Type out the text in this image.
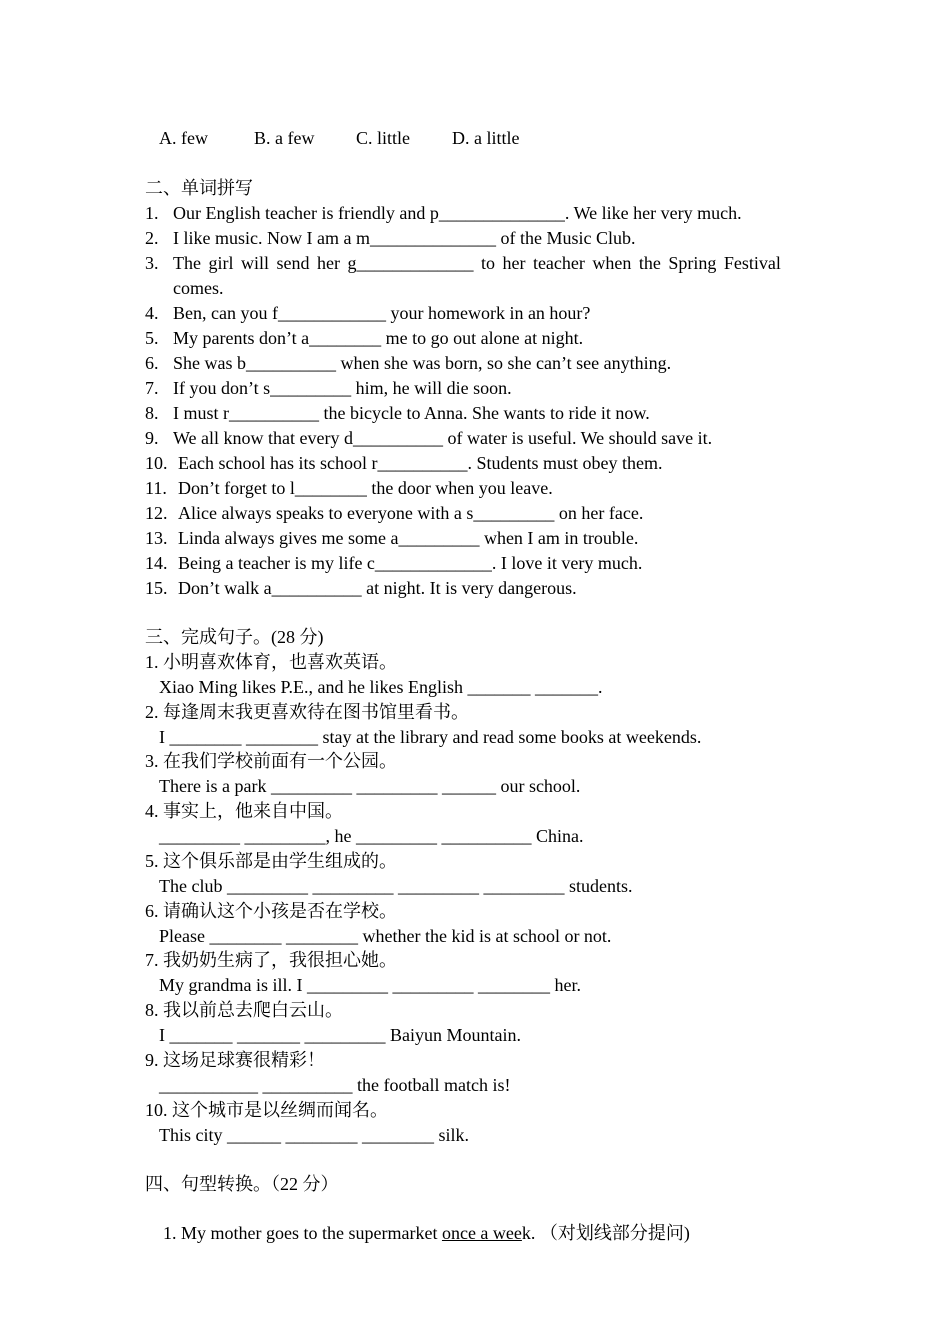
A. few	B. a few C. little D. a little
二、单词拼写
1. Our English teacher is friendly and p______________. We like her very much.
2. I like music. Now I am a m______________ of the Music Club.
3. The girl will send her g_____________ to her teacher when the Spring Festival
comes.
4. Ben, can you f____________ your homework in an hour?
5. My parents don’t a________ me to go out alone at night.
6. She was b__________ when she was born, so she can’t see anything.
7. If you don’t s_________ him, he will die soon.
8. I must r__________ the bicycle to Anna. She wants to ride it now.
9. We all know that every d__________ of water is useful. We should save it.
10. Each school has its school r__________. Students must obey them.
11. Don’t forget to l________ the door when you leave.
12. Alice always speaks to everyone with a s_________ on her face.
13. Linda always gives me some a_________ when I am in trouble.
14. Being a teacher is my life c_____________. I love it very much.
15. Don’t walk a__________ at night. It is very dangerous.
三、完成句子。(28 分)
1. 小明喜欢体育，也喜欢英语。
Xiao Ming likes P.E., and he likes English _______ _______.
2. 每逢周末我更喜欢待在图书馆里看书。
I ________ ________ stay at the library and read some books at weekends.
3. 在我们学校前面有一个公园。
There is a park _________ _________ ______ our school.
4. 事实上，他来自中国。
_________ _________, he _________ __________ China.
5. 这个俱乐部是由学生组成的。
The club _________ _________ _________ _________ students.
6. 请确认这个小孩是否在学校。
Please ________ ________ whether the kid is at school or not.
7. 我奶奶生病了，我很担心她。
My grandma is ill. I _________ _________ ________ her.
8. 我以前总去爬白云山。
I _______ _______ _________ Baiyun Mountain.
9. 这场足球赛很精彩！
___________ __________ the football match is!
10. 这个城市是以丝绸而闻名。
This city ______ ________ ________ silk.
四、句型转换。（22 分）

1. My mother goes to the supermarket once a week. （对划线部分提问)
